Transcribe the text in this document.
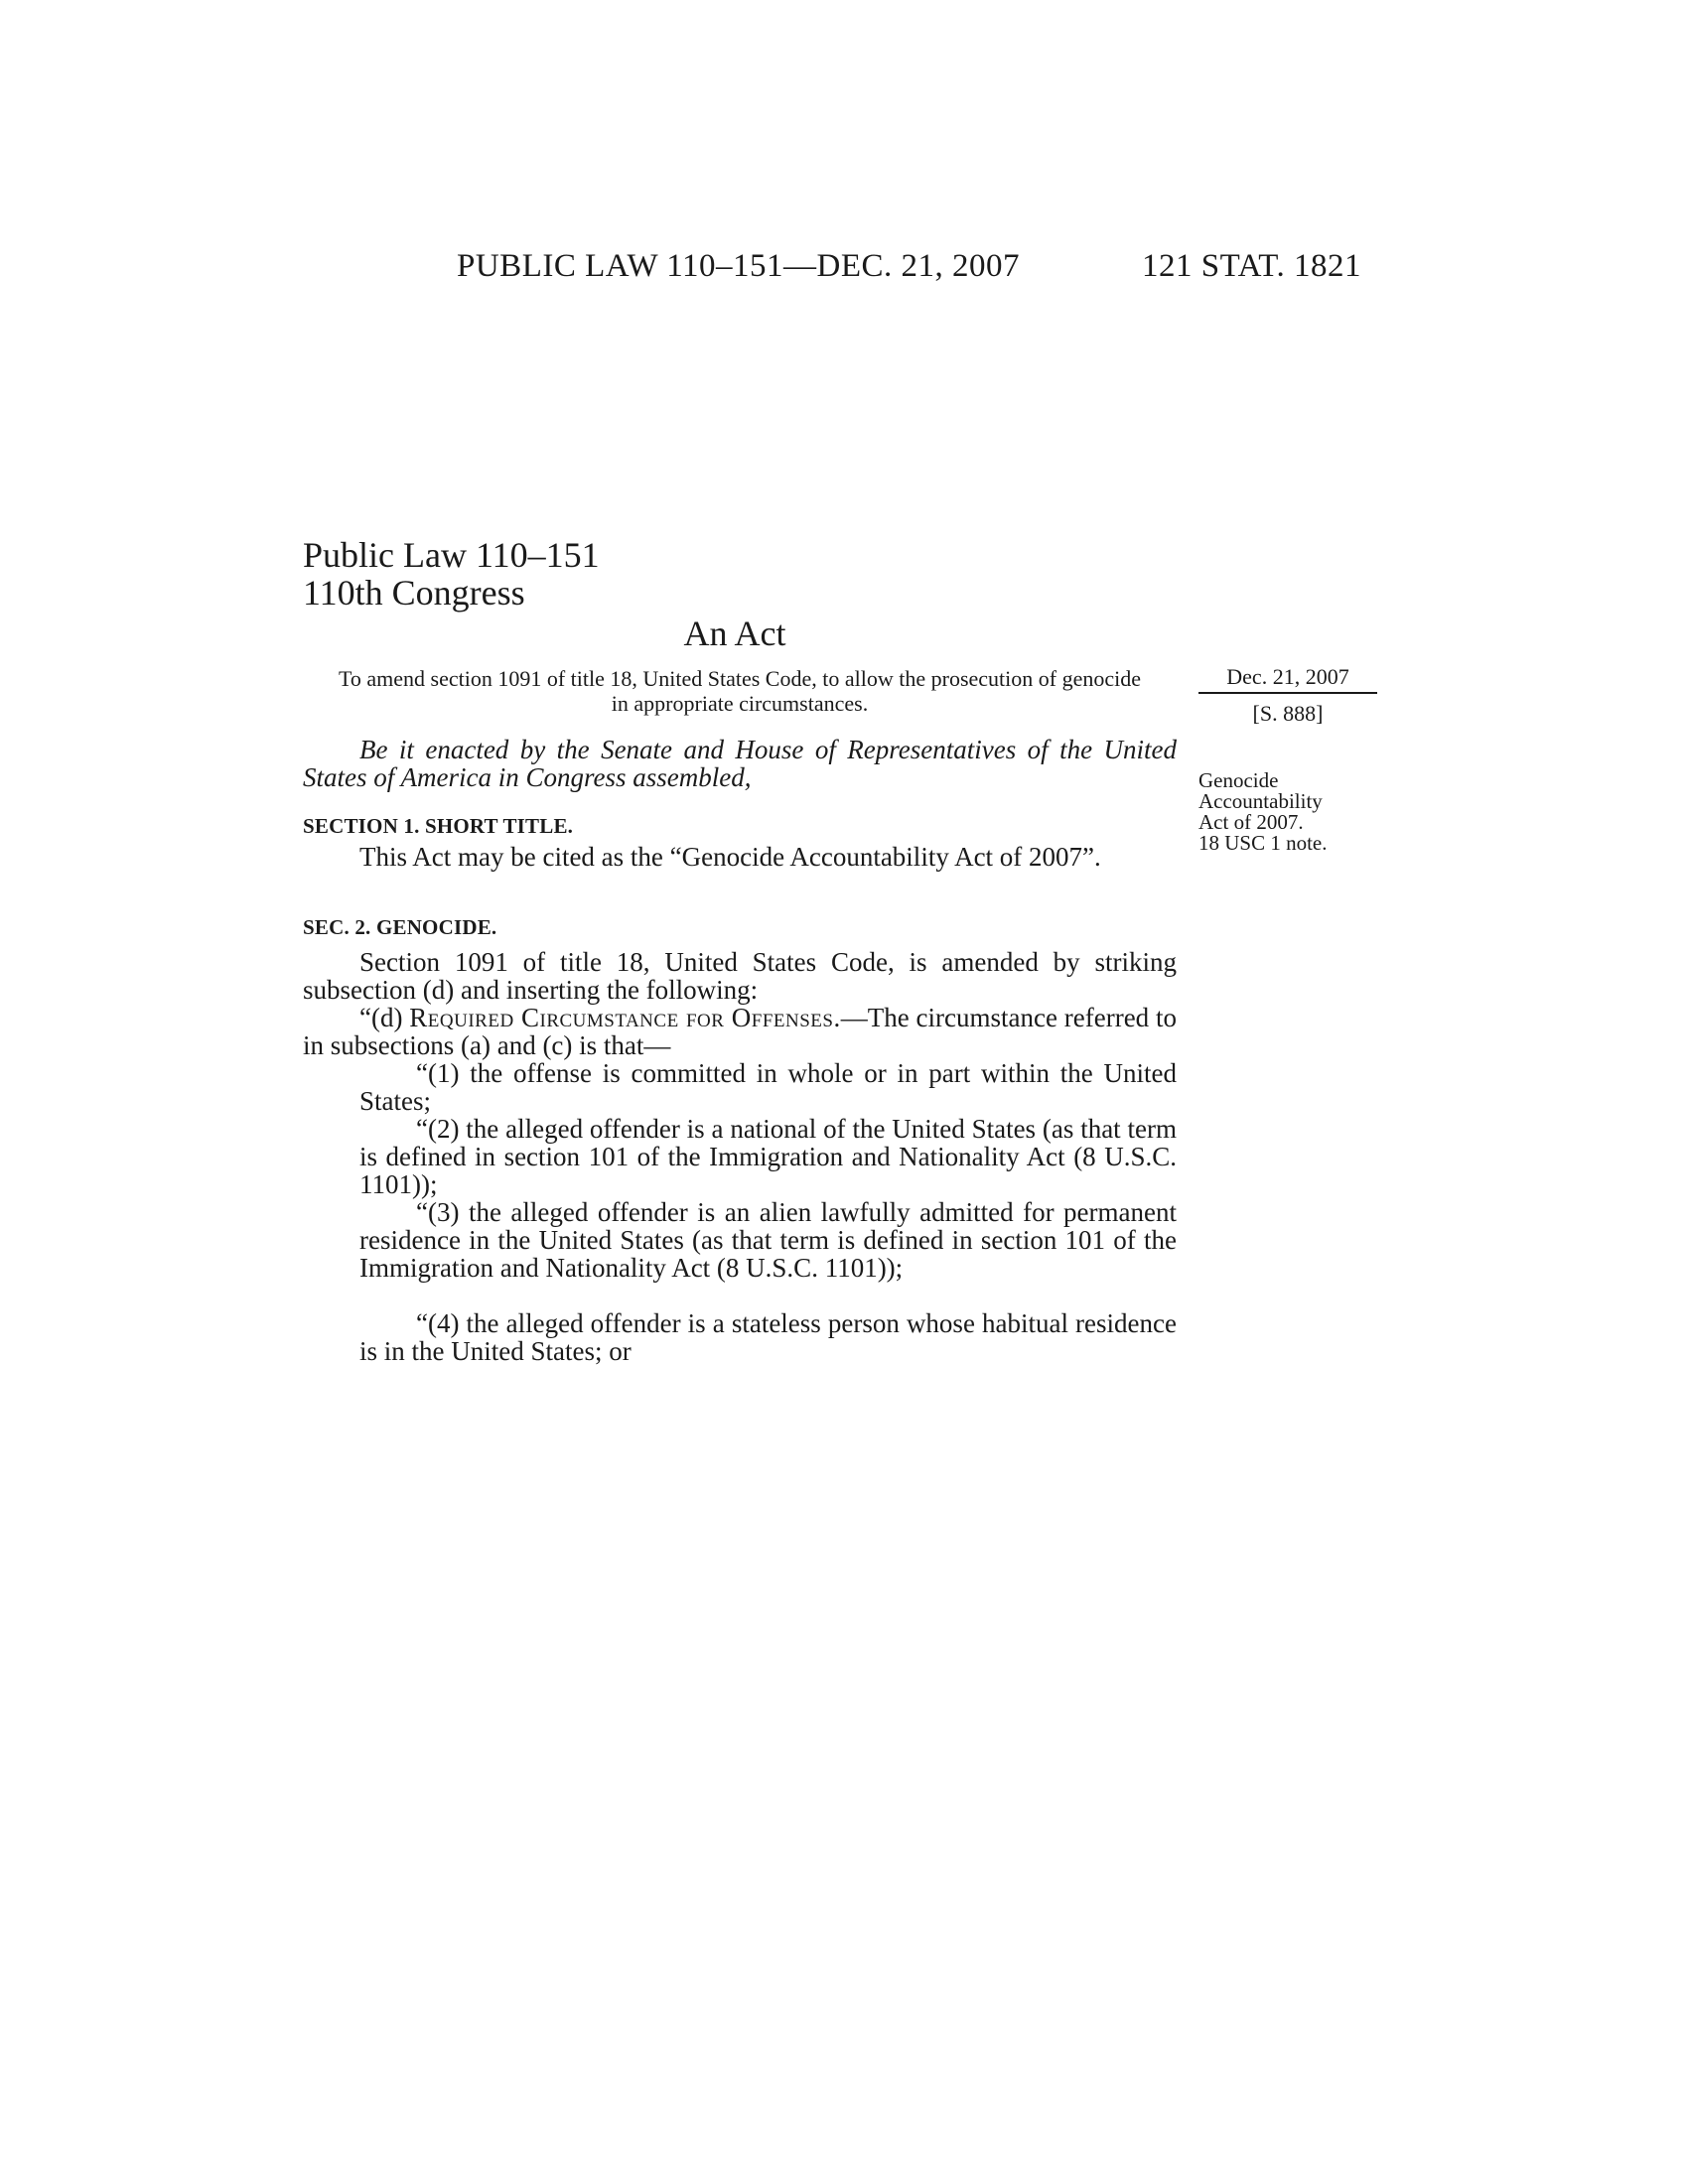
PUBLIC LAW 110–151—DEC. 21, 2007	121 STAT. 1821
Public Law 110–151
110th Congress
An Act
To amend section 1091 of title 18, United States Code, to allow the prosecution of genocide in appropriate circumstances.
Dec. 21, 2007
[S. 888]
Genocide
Accountability
Act of 2007.
18 USC 1 note.

Be it enacted by the Senate and House of Representatives of the United States of America in Congress assembled,

SECTION 1. SHORT TITLE.

This Act may be cited as the “Genocide Accountability Act of 2007”.

SEC. 2. GENOCIDE.

Section 1091 of title 18, United States Code, is amended by striking subsection (d) and inserting the following:

“(d) Required Circumstance for Offenses.—The circumstance referred to in subsections (a) and (c) is that—

“(1) the offense is committed in whole or in part within the United States;

“(2) the alleged offender is a national of the United States (as that term is defined in section 101 of the Immigration and Nationality Act (8 U.S.C. 1101));

“(3) the alleged offender is an alien lawfully admitted for permanent residence in the United States (as that term is defined in section 101 of the Immigration and Nationality Act (8 U.S.C. 1101));

“(4) the alleged offender is a stateless person whose habitual residence is in the United States; or
